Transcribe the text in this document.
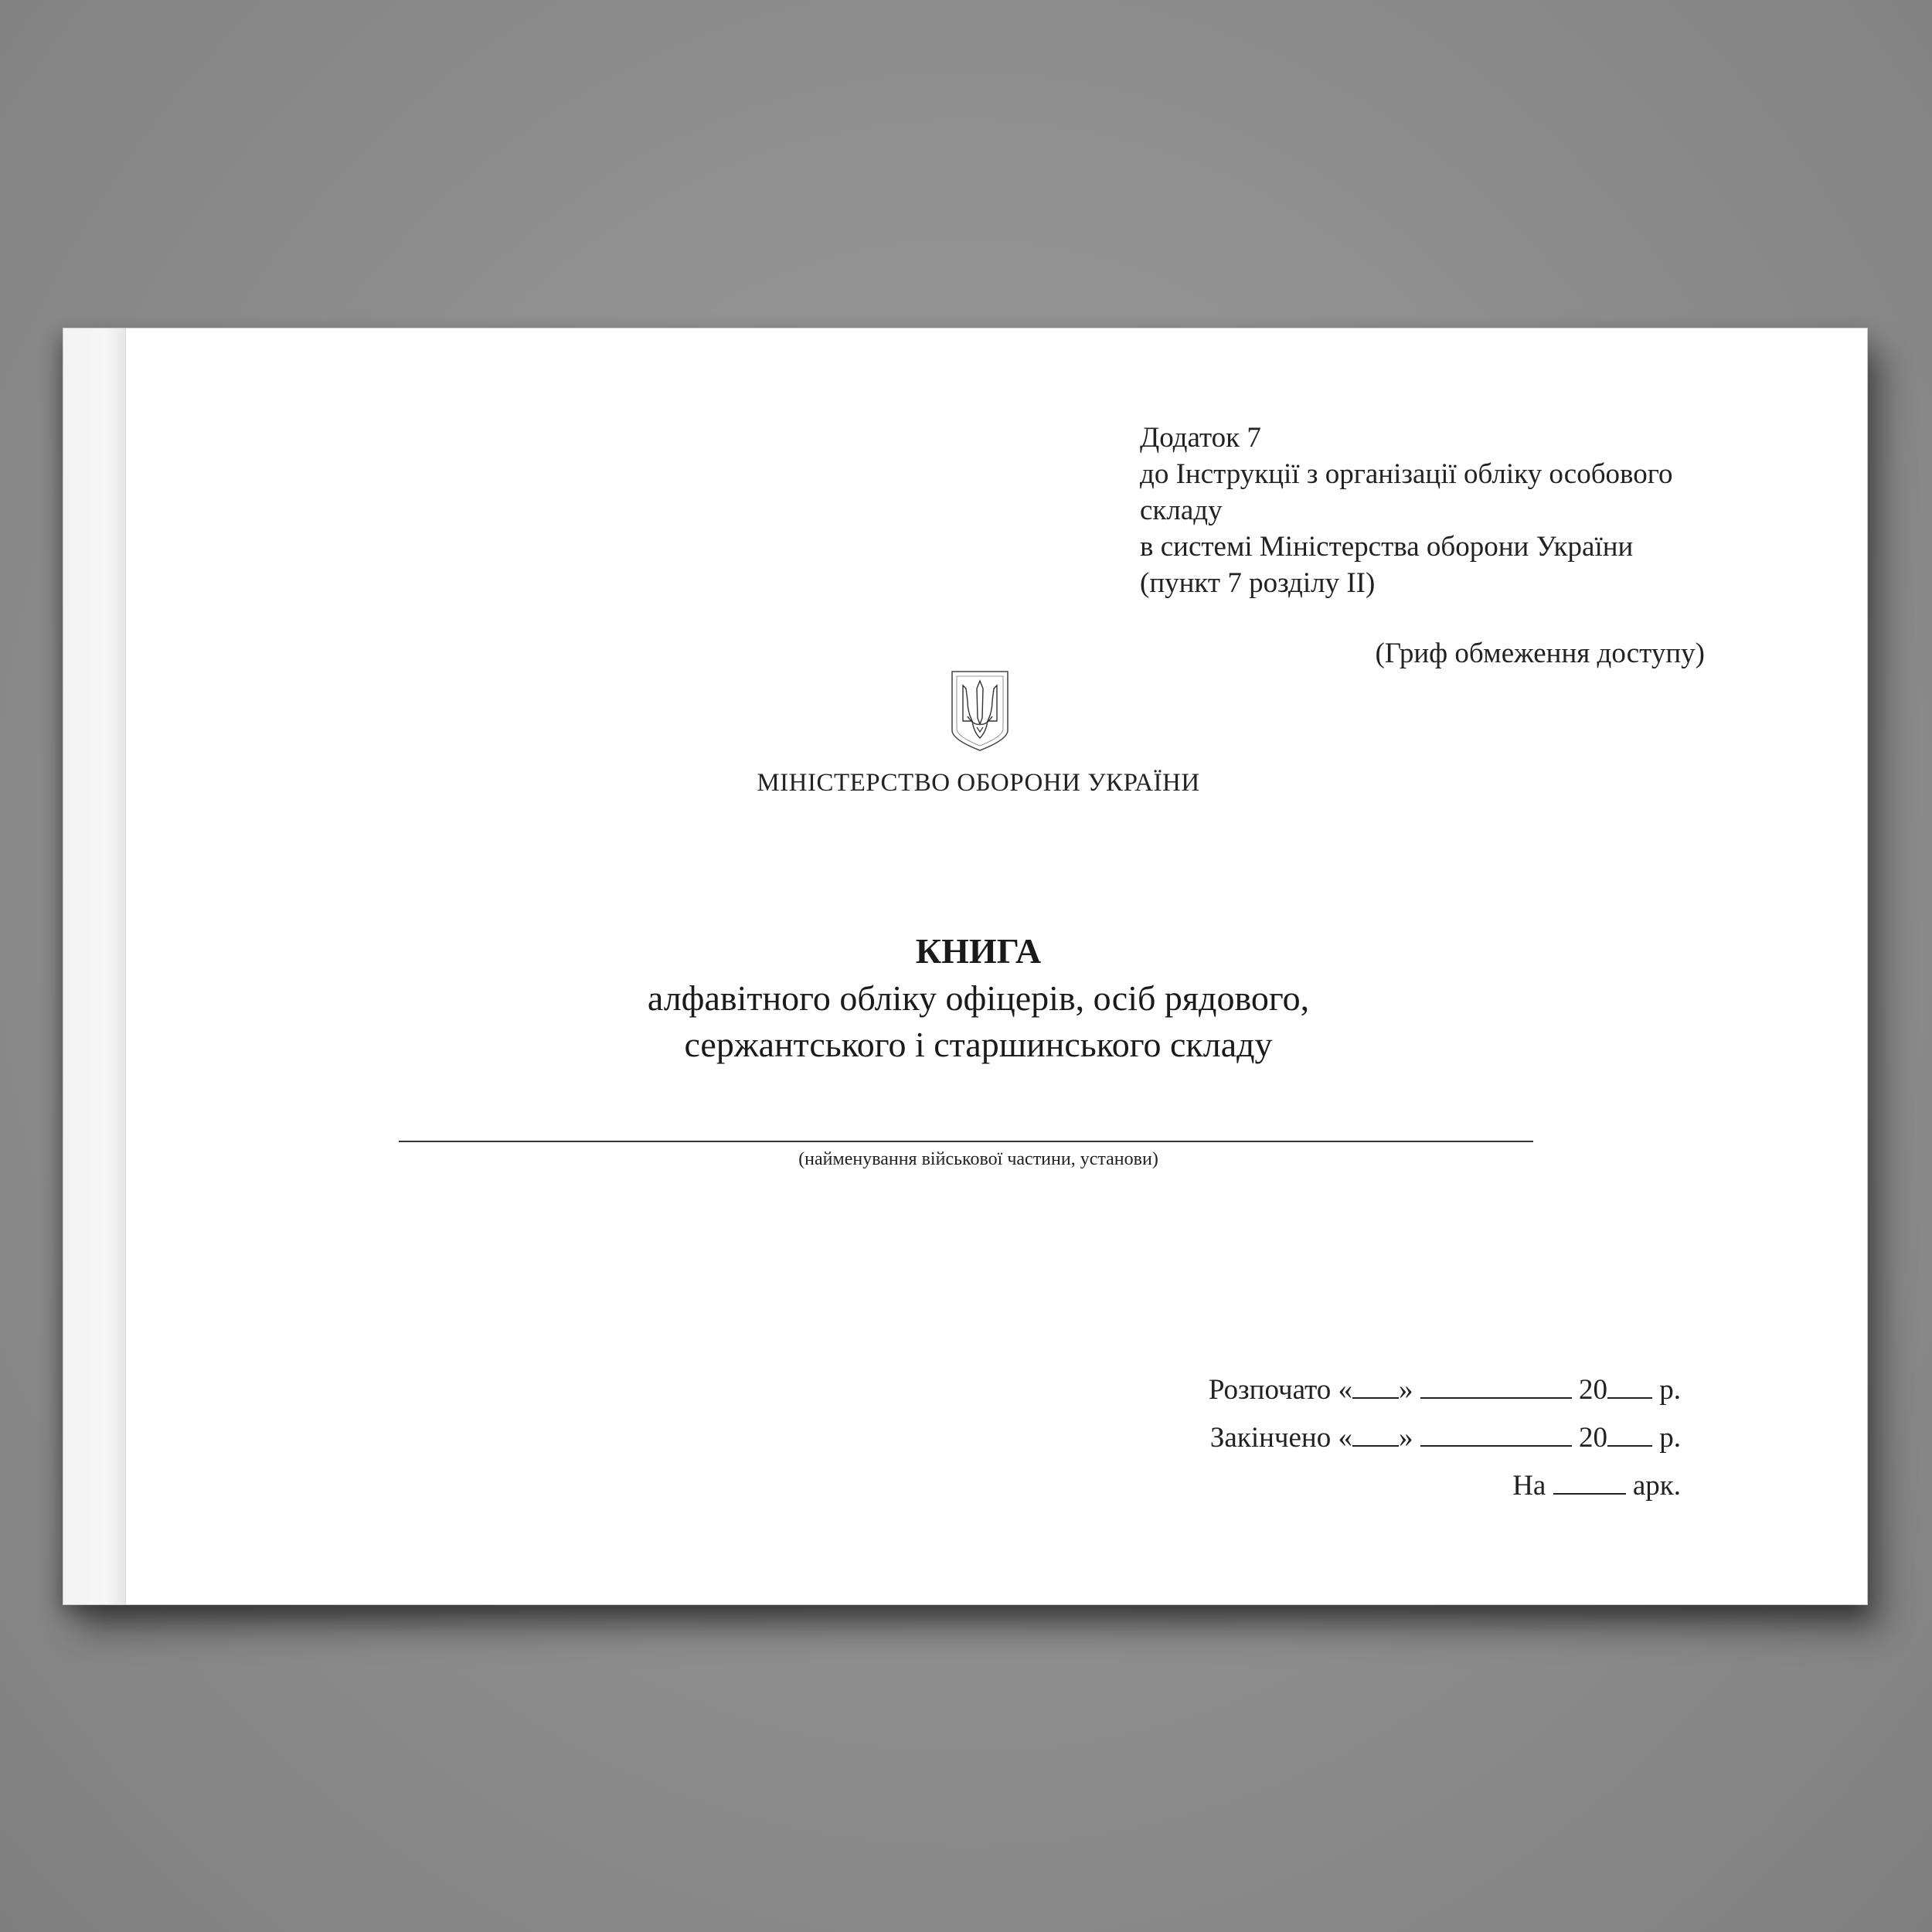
Додаток 7
до Інструкції з організації обліку особового
складу
в системі Міністерства оборони України
(пункт 7 розділу II)
(Гриф обмеження доступу)
МІНІСТЕРСТВО ОБОРОНИ УКРАЇНИ
КНИГА
алфавітного обліку офіцерів, осіб рядового,
сержантського і старшинського складу
(найменування військової частини, установи)
Розпочато « »	20 р.
Закінчено « »	20 р.
На	арк.
